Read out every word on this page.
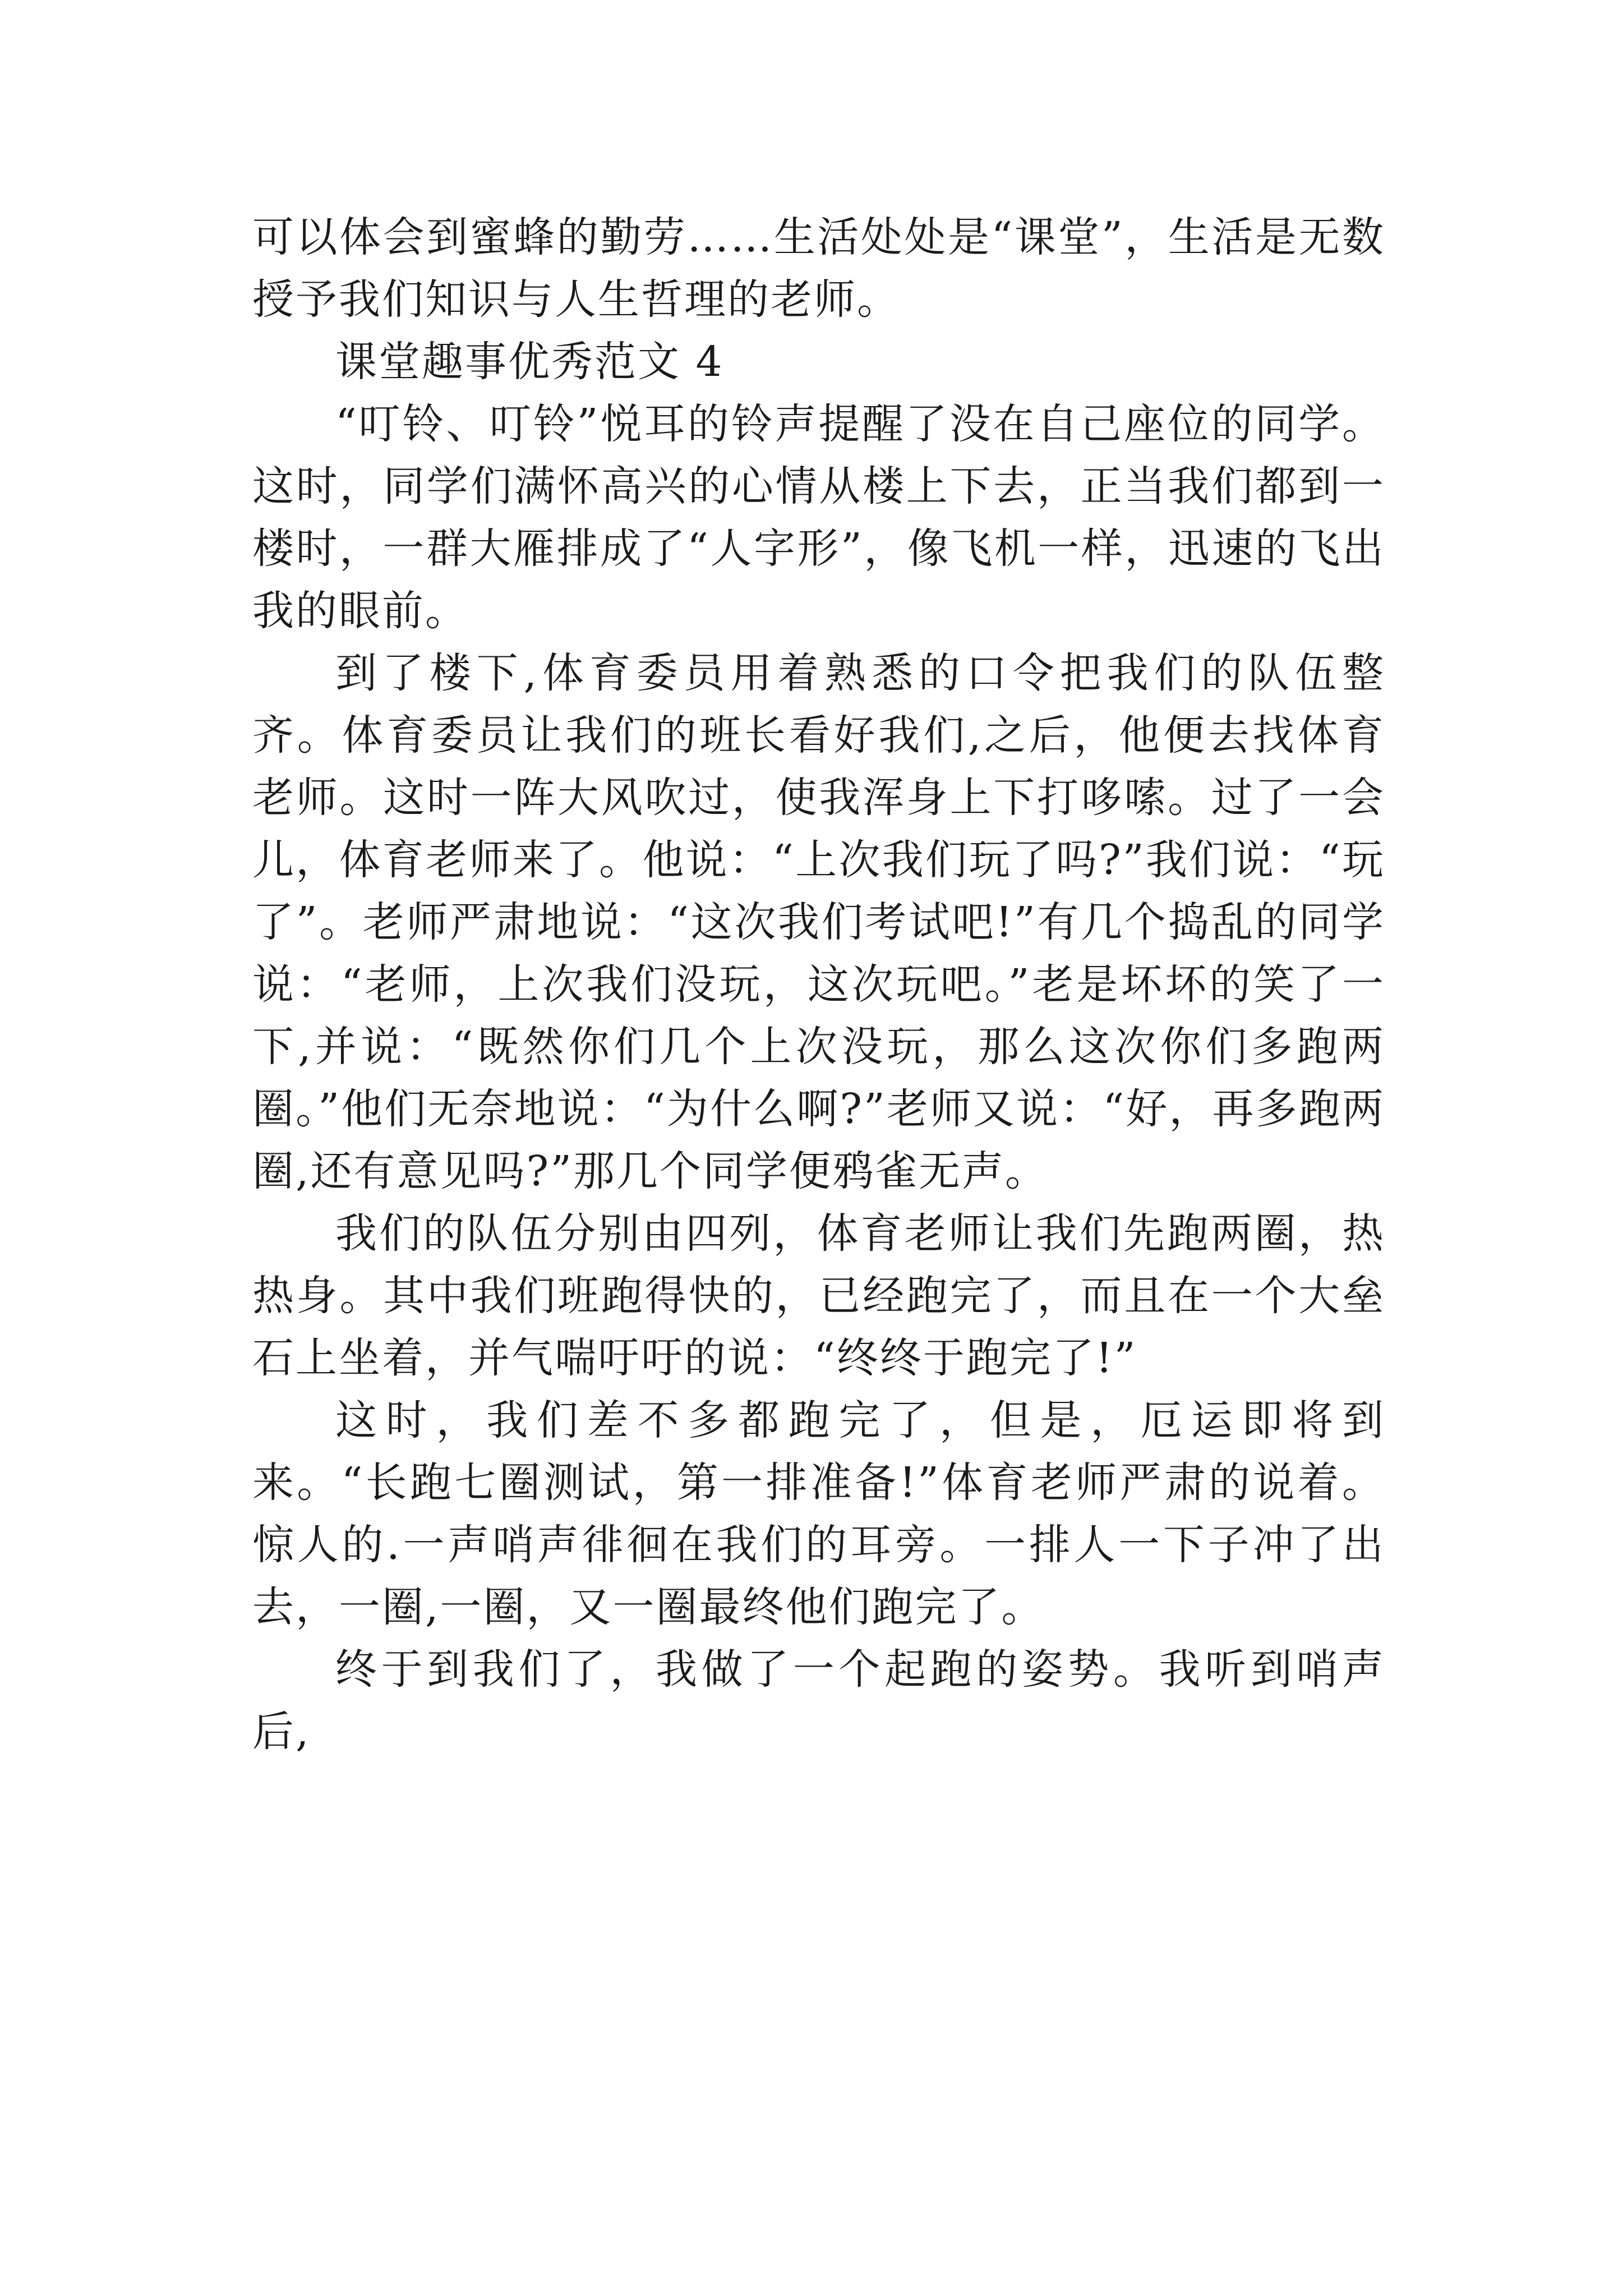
可以体会到蜜蜂的勤劳……生活处处是“课堂”，生活是无数授予我们知识与人生哲理的老师。

课堂趣事优秀范文 4

“叮铃、叮铃”悦耳的铃声提醒了没在自己座位的同学。这时，同学们满怀高兴的心情从楼上下去，正当我们都到一楼时，一群大雁排成了“人字形”，像飞机一样，迅速的飞出我的眼前。

到了楼下,体育委员用着熟悉的口令把我们的队伍整齐。体育委员让我们的班长看好我们,之后，他便去找体育老师。这时一阵大风吹过，使我浑身上下打哆嗦。过了一会儿，体育老师来了。他说：“上次我们玩了吗?”我们说：“玩了”。老师严肃地说：“这次我们考试吧!”有几个捣乱的同学说：“老师，上次我们没玩，这次玩吧。”老是坏坏的笑了一下,并说：“既然你们几个上次没玩，那么这次你们多跑两圈。”他们无奈地说：“为什么啊?”老师又说：“好，再多跑两圈,还有意见吗?”那几个同学便鸦雀无声。

我们的队伍分别由四列，体育老师让我们先跑两圈，热热身。其中我们班跑得快的，已经跑完了，而且在一个大垒石上坐着，并气喘吁吁的说：“终终于跑完了!”

这时，我们差不多都跑完了，但是，厄运即将到来。“长跑七圈测试，第一排准备!”体育老师严肃的说着。惊人的.一声哨声徘徊在我们的耳旁。一排人一下子冲了出去，一圈,一圈，又一圈最终他们跑完了。

终于到我们了，我做了一个起跑的姿势。我听到哨声后,
